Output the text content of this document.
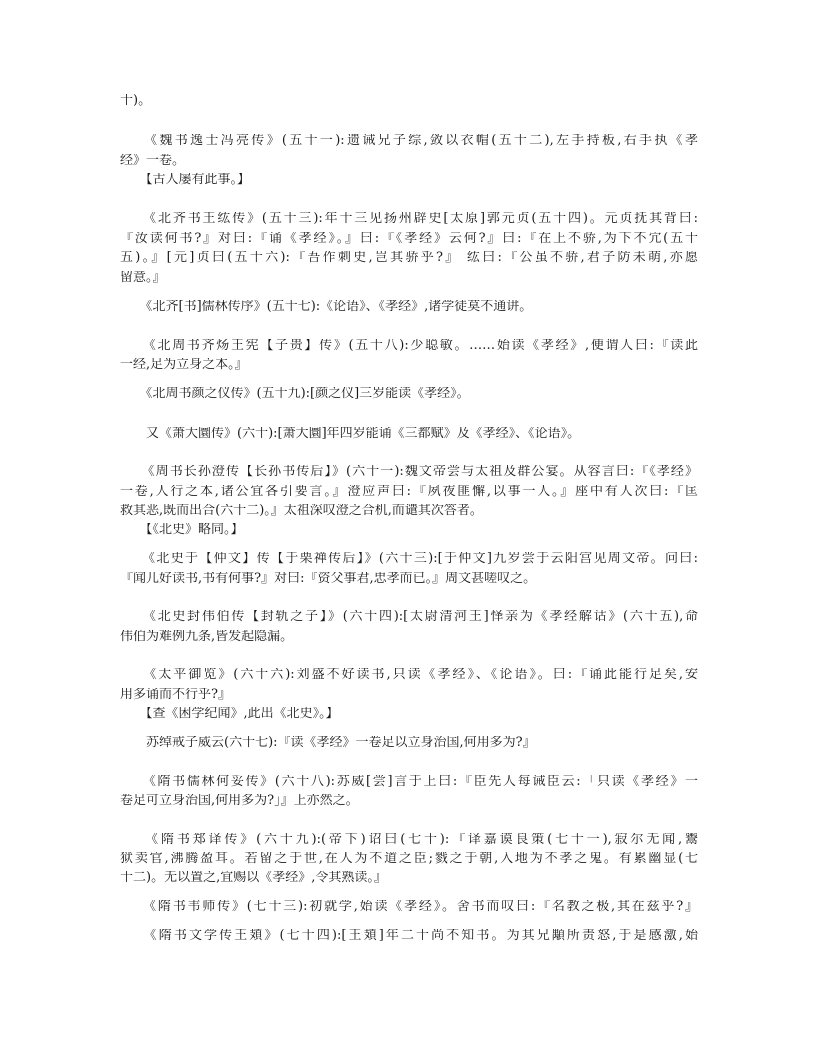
十)。
　　《魏书逸士冯亮传》(五十一):遗诫兄子综,敛以衣帽(五十二),左手持板,右手执《孝
经》一卷。
　　【古人屡有此事。】
　　《北齐书王纮传》(五十三):年十三见扬州辟史[太原]郭元贞(五十四)。元贞抚其背曰:
『汝读何书?』对曰:『诵《孝经》。』曰:『《孝经》云何?』曰:『在上不骄,为下不宂(五十
五)。』[元]贞曰(五十六):『吾作刺史,岂其骄乎?』 纮曰:『公虽不骄,君子防未萌,亦愿
留意。』
　　《北齐[书]儒林传序》(五十七):《论语》、《孝经》,诸学徒莫不通讲。
　　《北周书齐炀王宪【子贵】传》(五十八):少聪敏。……始读《孝经》,便谓人曰:『读此
一经,足为立身之本。』
　　《北周书颜之仪传》(五十九):[颜之仪]三岁能读《孝经》。
　　又《萧大圜传》(六十):[萧大圜]年四岁能诵《三都赋》及《孝经》、《论语》。
　　《周书长孙澄传【长孙书传后】》(六十一):魏文帝尝与太祖及群公宴。从容言曰:『《孝经》
一卷,人行之本,诸公宜各引要言。』澄应声曰:『夙夜匪懈,以事一人。』座中有人次曰:『匡
救其恶,既而出合(六十二)。』太祖深叹澄之合机,而谴其次答者。
　　【《北史》略同。】
　　《北史于【仲文】传【于栗禅传后】》(六十三):[于仲文]九岁尝于云阳宫见周文帝。问曰:
『闻儿好读书,书有何事?』对曰:『资父事君,忠孝而已。』周文甚嗟叹之。
　　《北史封伟伯传【封轨之子】》(六十四):[太尉清河王]怿亲为《孝经解诂》(六十五),命
伟伯为难例九条,皆发起隐漏。
　　《太平御览》(六十六):刘盛不好读书,只读《孝经》、《论语》。曰:『诵此能行足矣,安
用多诵而不行乎?』
　　【查《困学纪闻》,此出《北史》。】
　　苏绰戒子威云(六十七):『读《孝经》一卷足以立身治国,何用多为?』
　　《隋书儒林何妥传》(六十八):苏威[尝]言于上曰:『臣先人每诫臣云:「只读《孝经》一
卷足可立身治国,何用多为?」』上亦然之。
　　《隋书郑译传》(六十九):(帝下)诏曰(七十):『译嘉谟良策(七十一),寂尔无闻,鬻
狱卖官,沸腾盈耳。若留之于世,在人为不道之臣;戮之于朝,入地为不孝之鬼。有累幽显(七
十二)。无以置之,宜赐以《孝经》,令其熟读。』
　　《隋书韦师传》(七十三):初就学,始读《孝经》。舍书而叹曰:『名教之极,其在兹乎?』
　　《隋书文学传王頍》(七十四):[王頍]年二十尚不知书。为其兄顒所责怒,于是感激,始
